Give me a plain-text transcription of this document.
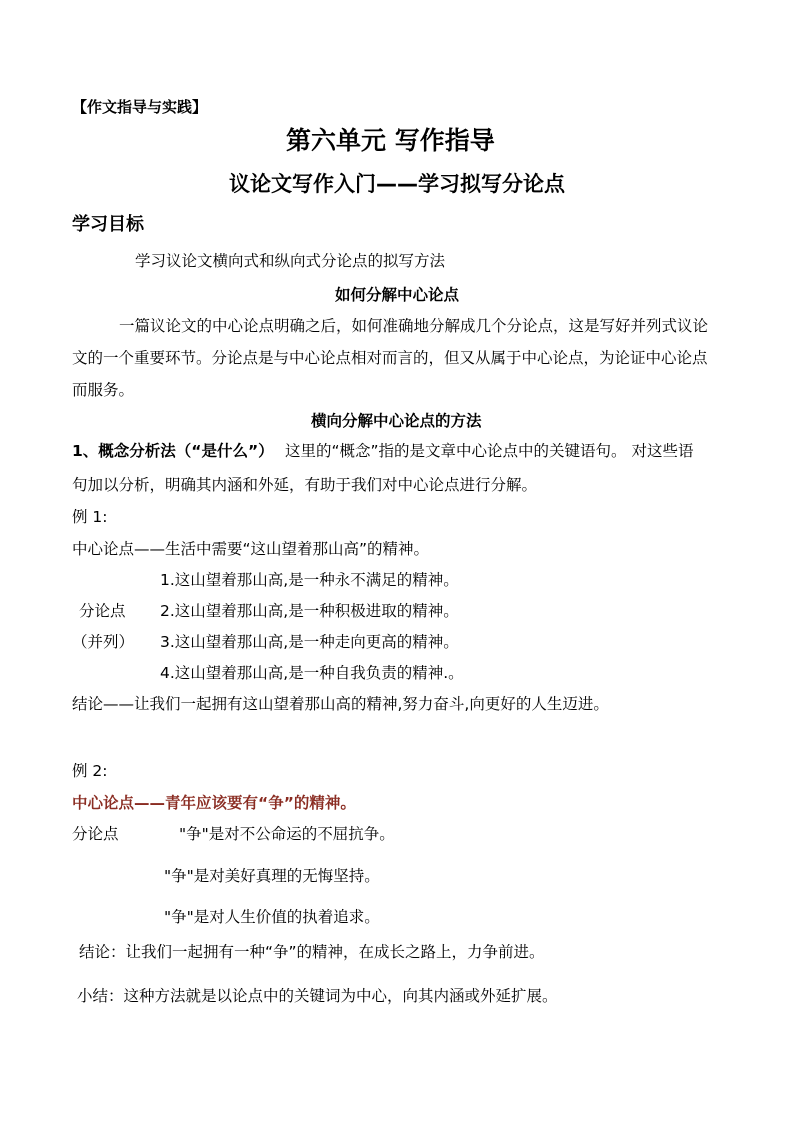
【作文指导与实践】
第六单元 写作指导
议论文写作入门——学习拟写分论点
学习目标
学习议论文横向式和纵向式分论点的拟写方法
如何分解中心论点
一篇议论文的中心论点明确之后，如何准确地分解成几个分论点，这是写好并列式议论
文的一个重要环节。分论点是与中心论点相对而言的，但又从属于中心论点，为论证中心论点
而服务。
横向分解中心论点的方法
1、概念分析法（“是什么”） 这里的“概念”指的是文章中心论点中的关键语句。 对这些语
句加以分析，明确其内涵和外延，有助于我们对中心论点进行分解。
例 1:
中心论点——生活中需要“这山望着那山高”的精神。
1.这山望着那山高,是一种永不满足的精神。
分论点 2.这山望着那山高,是一种积极进取的精神。
（并列） 3.这山望着那山高,是一种走向更高的精神。
4.这山望着那山高,是一种自我负责的精神.。
结论——让我们一起拥有这山望着那山高的精神,努力奋斗,向更好的人生迈进。
例 2:
中心论点——青年应该要有“争”的精神。
分论点	"争"是对不公命运的不屈抗争。
"争"是对美好真理的无悔坚持。
"争"是对人生价值的执着追求。
结论：让我们一起拥有一种“争”的精神，在成长之路上，力争前进。
小结：这种方法就是以论点中的关键词为中心，向其内涵或外延扩展。
